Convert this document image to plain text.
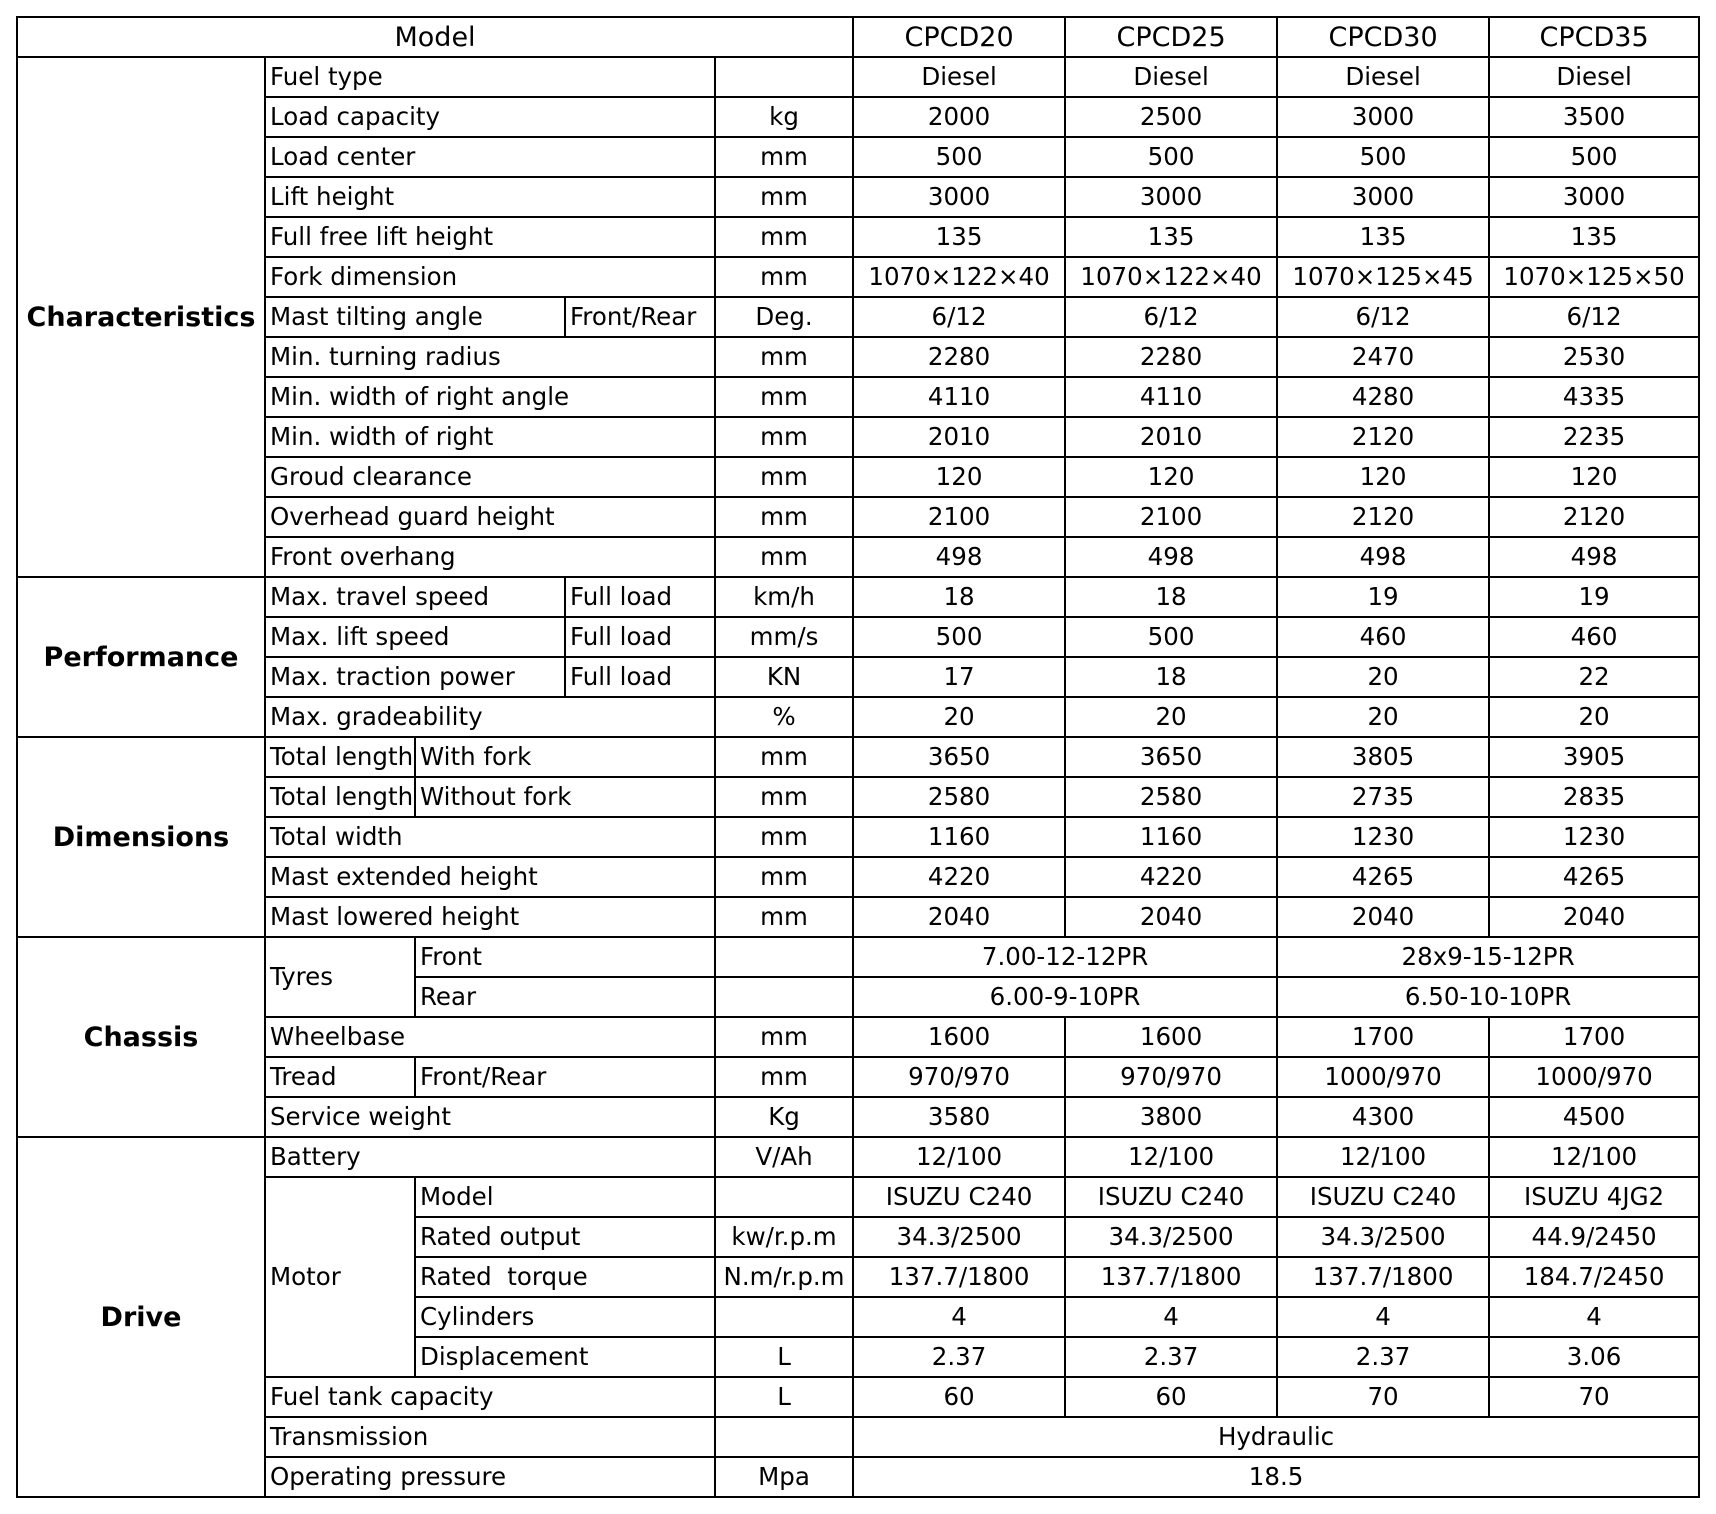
Model					CPCD20	CPCD25	CPCD30	CPCD35
Characteristics	Fuel type				Diesel	Diesel	Diesel	Diesel
	Load capacity			kg	2000	2500	3000	3500
	Load center			mm	500	500	500	500
	Lift height			mm	3000	3000	3000	3000
	Full free lift height			mm	135	135	135	135
	Fork dimension			mm	1070×122×40	1070×122×40	1070×125×45	1070×125×50
	Mast tilting angle		Front/Rear	Deg.	6/12	6/12	6/12	6/12
	Min. turning radius			mm	2280	2280	2470	2530
	Min. width of right angle			mm	4110	4110	4280	4335
	Min. width of right			mm	2010	2010	2120	2235
	Groud clearance			mm	120	120	120	120
	Overhead guard height			mm	2100	2100	2120	2120
	Front overhang			mm	498	498	498	498
Performance	Max. travel speed		Full load	km/h	18	18	19	19
	Max. lift speed		Full load	mm/s	500	500	460	460
	Max. traction power		Full load	KN	17	18	20	22
	Max. gradeability			%	20	20	20	20
Dimensions	Total length	With fork		mm	3650	3650	3805	3905
	Total length	Without fork		mm	2580	2580	2735	2835
	Total width			mm	1160	1160	1230	1230
	Mast extended height			mm	4220	4220	4265	4265
	Mast lowered height			mm	2040	2040	2040	2040
Chassis	Tyres	Front			7.00-12-12PR		28x9-15-12PR	
		Rear			6.00-9-10PR		6.50-10-10PR	
	Wheelbase			mm	1600	1600	1700	1700
	Tread	Front/Rear		mm	970/970	970/970	1000/970	1000/970
	Service weight			Kg	3580	3800	4300	4500
Drive	Battery			V/Ah	12/100	12/100	12/100	12/100
	Motor	Model			ISUZU C240	ISUZU C240	ISUZU C240	ISUZU 4JG2
		Rated output		kw/r.p.m	34.3/2500	34.3/2500	34.3/2500	44.9/2450
		Rated  torque		N.m/r.p.m	137.7/1800	137.7/1800	137.7/1800	184.7/2450
		Cylinders			4	4	4	4
		Displacement		L	2.37	2.37	2.37	3.06
	Fuel tank capacity			L	60	60	70	70
	Transmission				Hydraulic			
	Operating pressure			Mpa	18.5			
